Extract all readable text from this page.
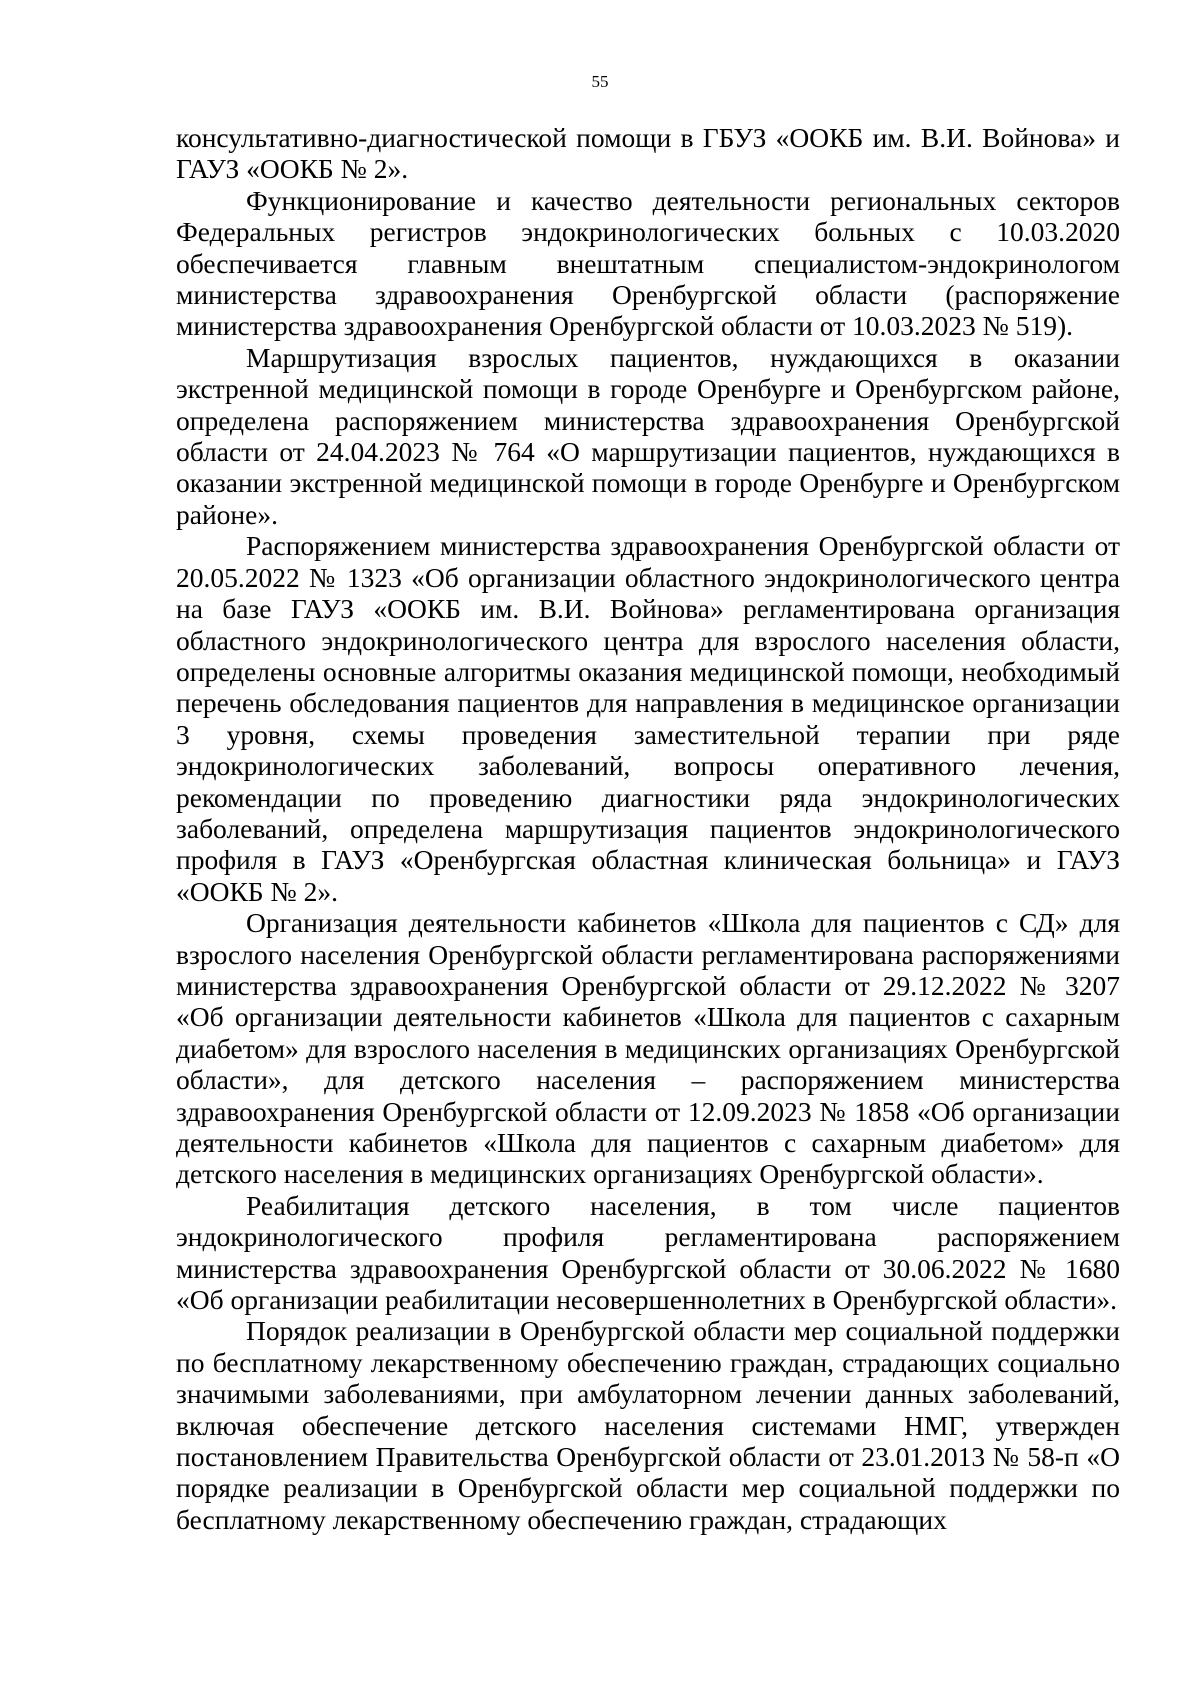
55

консультативно-диагностической помощи в ГБУЗ «ООКБ им. В.И. Войнова» и ГАУЗ «ООКБ № 2».

Функционирование и качество деятельности региональных секторов Федеральных регистров эндокринологических больных с 10.03.2020 обеспечивается главным внештатным специалистом-эндокринологом министерства здравоохранения Оренбургской области (распоряжение министерства здравоохранения Оренбургской области от 10.03.2023 № 519).

Маршрутизация взрослых пациентов, нуждающихся в оказании экстренной медицинской помощи в городе Оренбурге и Оренбургском районе, определена распоряжением министерства здравоохранения Оренбургской области от 24.04.2023 № 764 «О маршрутизации пациентов, нуждающихся в оказании экстренной медицинской помощи в городе Оренбурге и Оренбургском районе».

Распоряжением министерства здравоохранения Оренбургской области от 20.05.2022 № 1323 «Об организации областного эндокринологического центра на базе ГАУЗ «ООКБ им. В.И. Войнова» регламентирована организация областного эндокринологического центра для взрослого населения области, определены основные алгоритмы оказания медицинской помощи, необходимый перечень обследования пациентов для направления в медицинское организации 3 уровня, схемы проведения заместительной терапии при ряде эндокринологических заболеваний, вопросы оперативного лечения, рекомендации по проведению диагностики ряда эндокринологических заболеваний, определена маршрутизация пациентов эндокринологического профиля в ГАУЗ «Оренбургская областная клиническая больница» и ГАУЗ «ООКБ № 2».

Организация деятельности кабинетов «Школа для пациентов с СД» для взрослого населения Оренбургской области регламентирована распоряжениями министерства здравоохранения Оренбургской области от 29.12.2022 № 3207 «Об организации деятельности кабинетов «Школа для пациентов с сахарным диабетом» для взрослого населения в медицинских организациях Оренбургской области», для детского населения – распоряжением министерства здравоохранения Оренбургской области от 12.09.2023 № 1858 «Об организации деятельности кабинетов «Школа для пациентов с сахарным диабетом» для детского населения в медицинских организациях Оренбургской области».

Реабилитация детского населения, в том числе пациентов эндокринологического профиля регламентирована распоряжением министерства здравоохранения Оренбургской области от 30.06.2022 № 1680 «Об организации реабилитации несовершеннолетних в Оренбургской области».

Порядок реализации в Оренбургской области мер социальной поддержки по бесплатному лекарственному обеспечению граждан, страдающих социально значимыми заболеваниями, при амбулаторном лечении данных заболеваний, включая обеспечение детского населения системами НМГ, утвержден постановлением Правительства Оренбургской области от 23.01.2013 № 58-п «О порядке реализации в Оренбургской области мер социальной поддержки по бесплатному лекарственному обеспечению граждан, страдающих
